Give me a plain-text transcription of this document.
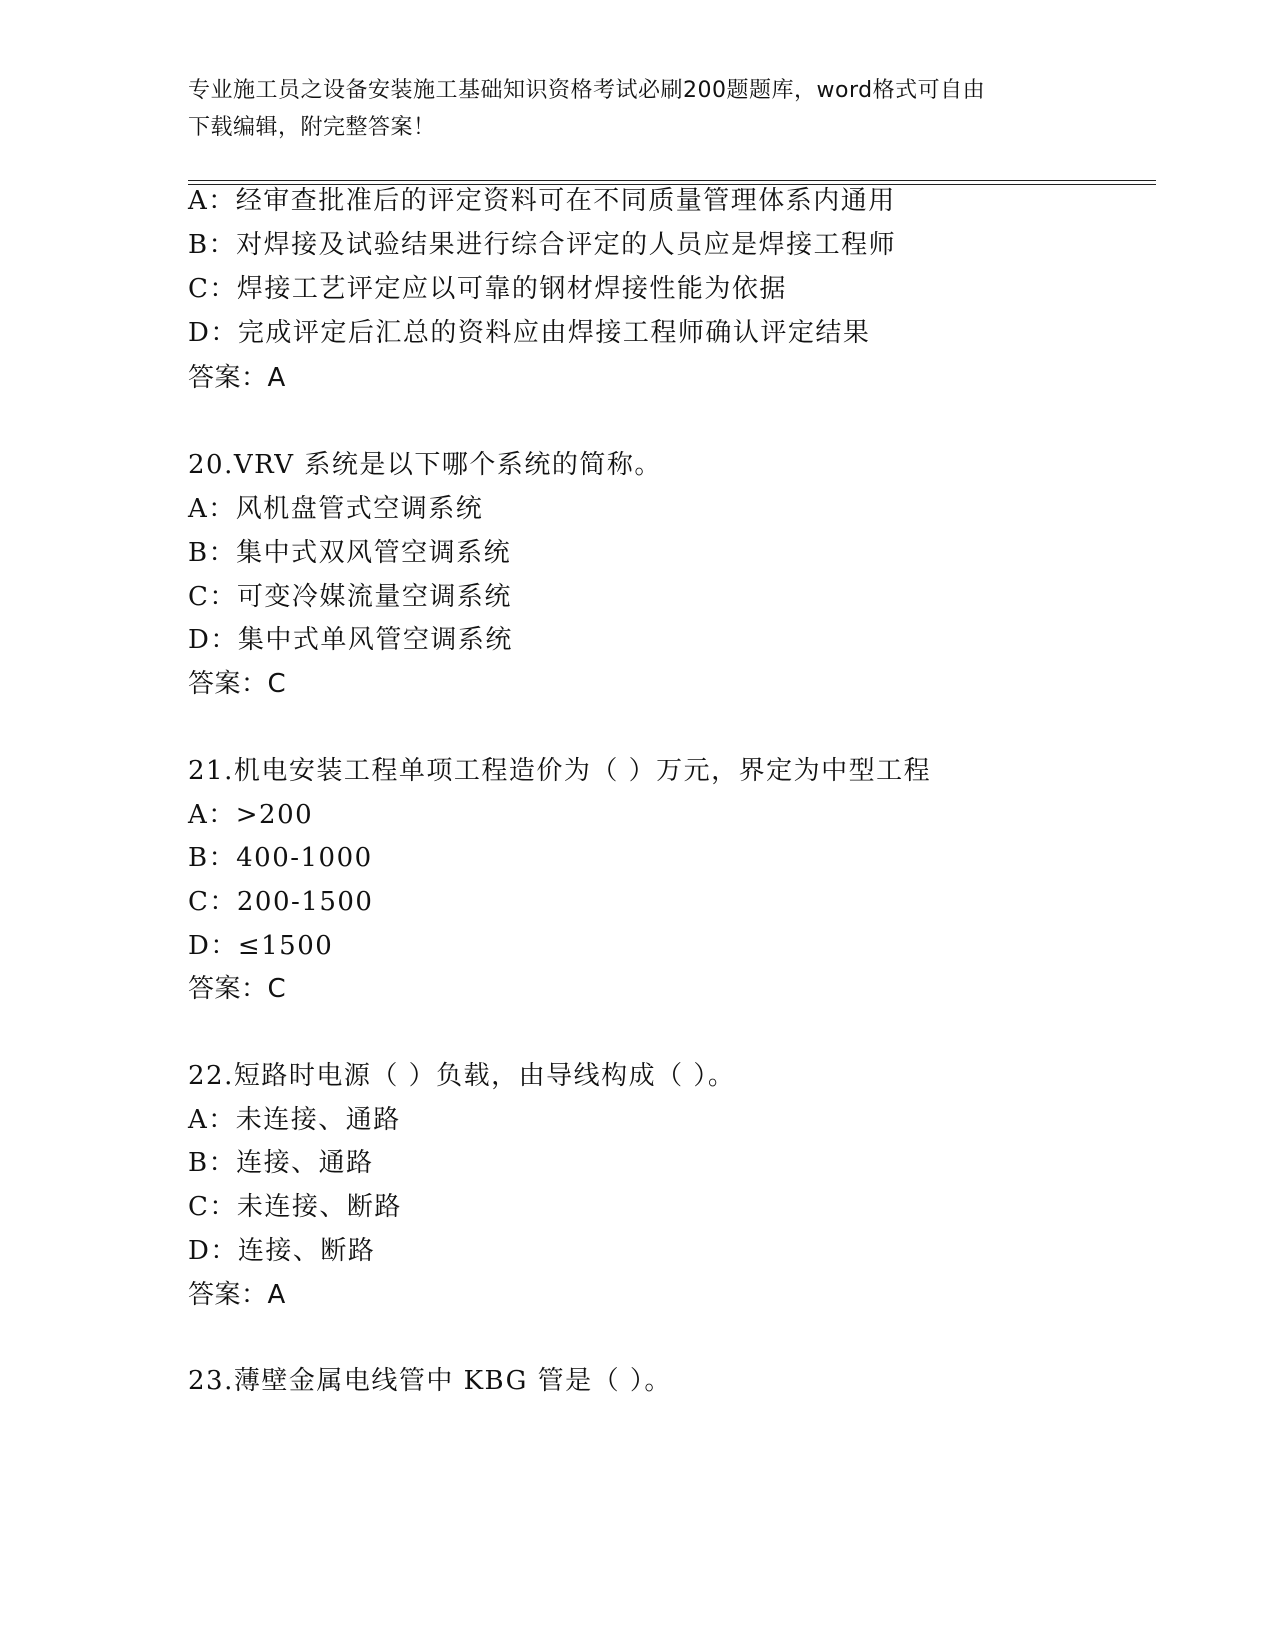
专业施工员之设备安装施工基础知识资格考试必刷200题题库，word格式可自由
下载编辑，附完整答案！
A：经审查批准后的评定资料可在不同质量管理体系内通用
B：对焊接及试验结果进行综合评定的人员应是焊接工程师
C：焊接工艺评定应以可靠的钢材焊接性能为依据
D：完成评定后汇总的资料应由焊接工程师确认评定结果
答案：A
20.VRV 系统是以下哪个系统的简称。
A：风机盘管式空调系统
B：集中式双风管空调系统
C：可变冷媒流量空调系统
D：集中式单风管空调系统
答案：C
21.机电安装工程单项工程造价为（ ）万元，界定为中型工程
A：>200
B：400-1000
C：200-1500
D：≤1500
答案：C
22.短路时电源（ ）负载，由导线构成（ ）。
A：未连接、通路
B：连接、通路
C：未连接、断路
D：连接、断路
答案：A
23.薄壁金属电线管中 KBG 管是（ ）。
